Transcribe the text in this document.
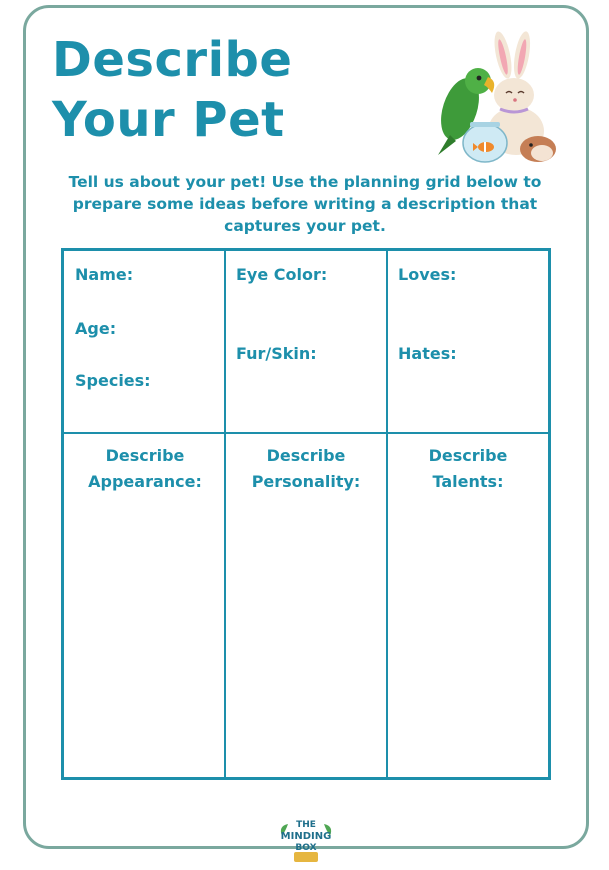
Describe Your Pet

Tell us about your pet! Use the planning grid below to prepare some ideas before writing a description that captures your pet.

Name:

Age:

Species:

Eye Color:

Fur/Skin:

Loves:

Hates:

Describe
Appearance:
Describe
Personality:
Describe
Talents:
THE
MINDING
BOX
